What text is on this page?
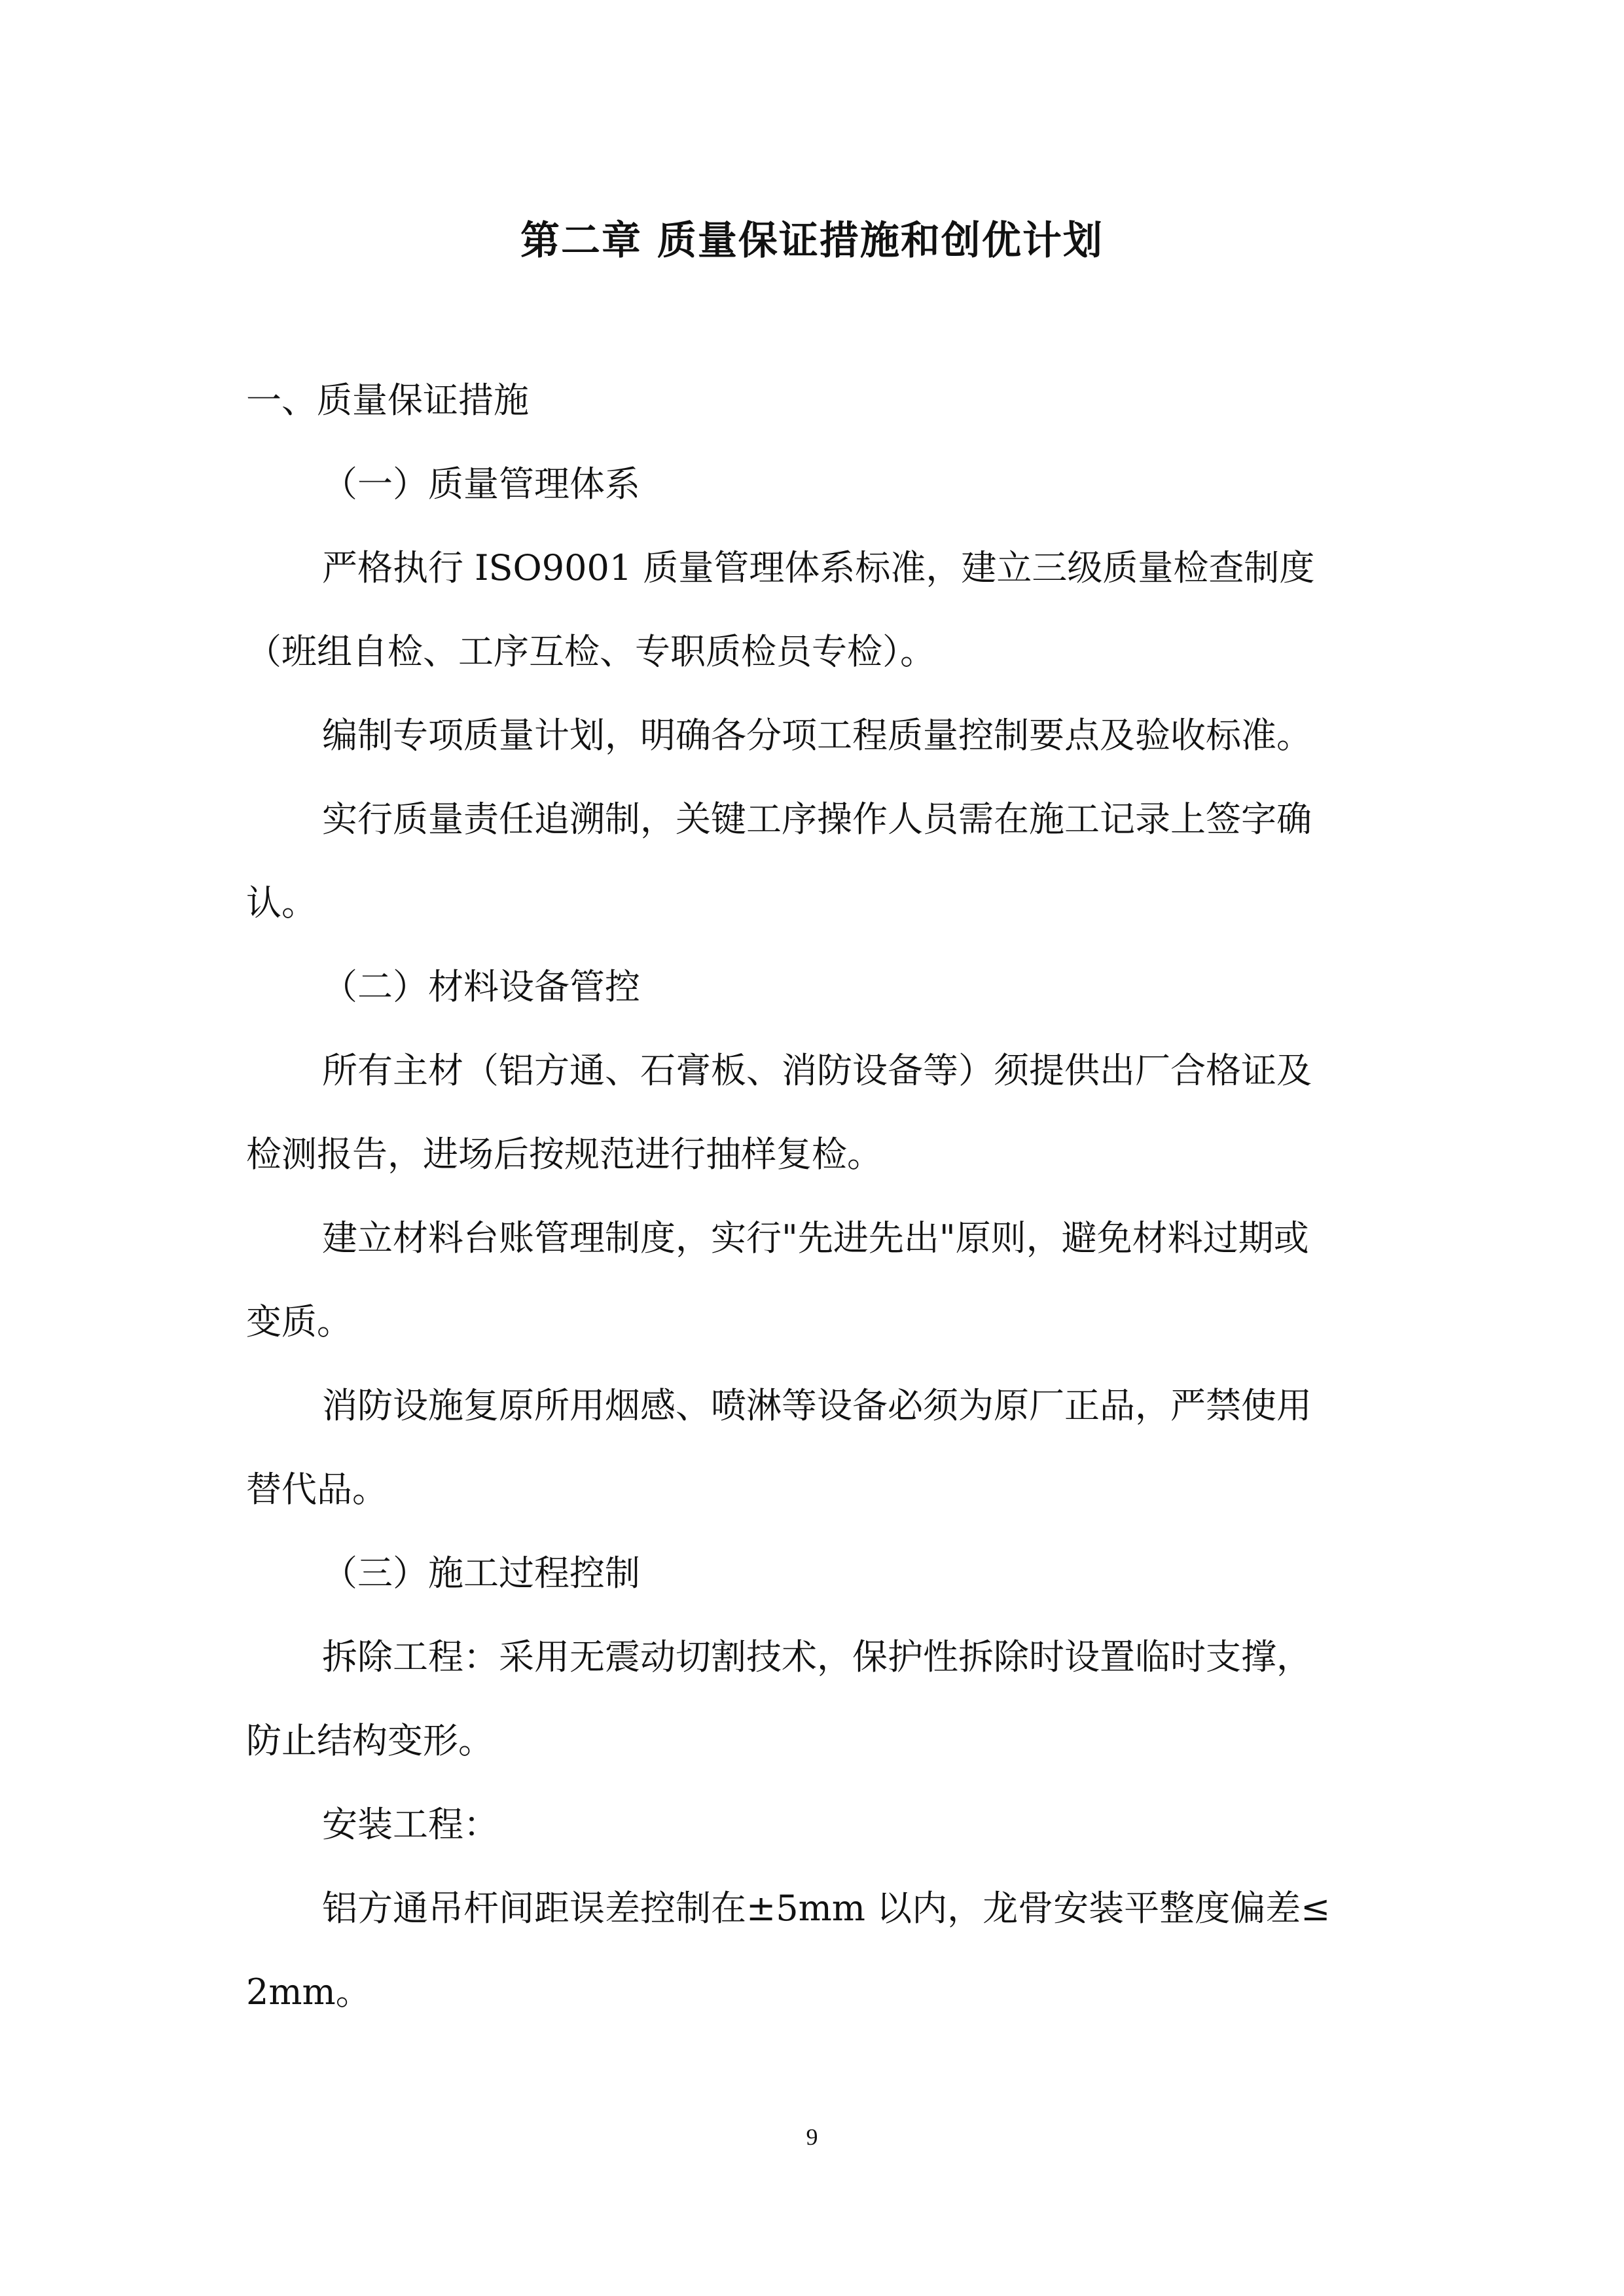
第二章 质量保证措施和创优计划

一、质量保证措施

（一）质量管理体系

严格执行 ISO9001 质量管理体系标准，建立三级质量检查制度

（班组自检、工序互检、专职质检员专检）。

编制专项质量计划，明确各分项工程质量控制要点及验收标准。

实行质量责任追溯制，关键工序操作人员需在施工记录上签字确

认。

（二）材料设备管控

所有主材（铝方通、石膏板、消防设备等）须提供出厂合格证及

检测报告，进场后按规范进行抽样复检。

建立材料台账管理制度，实行"先进先出"原则，避免材料过期或

变质。

消防设施复原所用烟感、喷淋等设备必须为原厂正品，严禁使用

替代品。

（三）施工过程控制

拆除工程：采用无震动切割技术，保护性拆除时设置临时支撑，

防止结构变形。

安装工程：

铝方通吊杆间距误差控制在±5mm 以内，龙骨安装平整度偏差≤

2mm。

9
